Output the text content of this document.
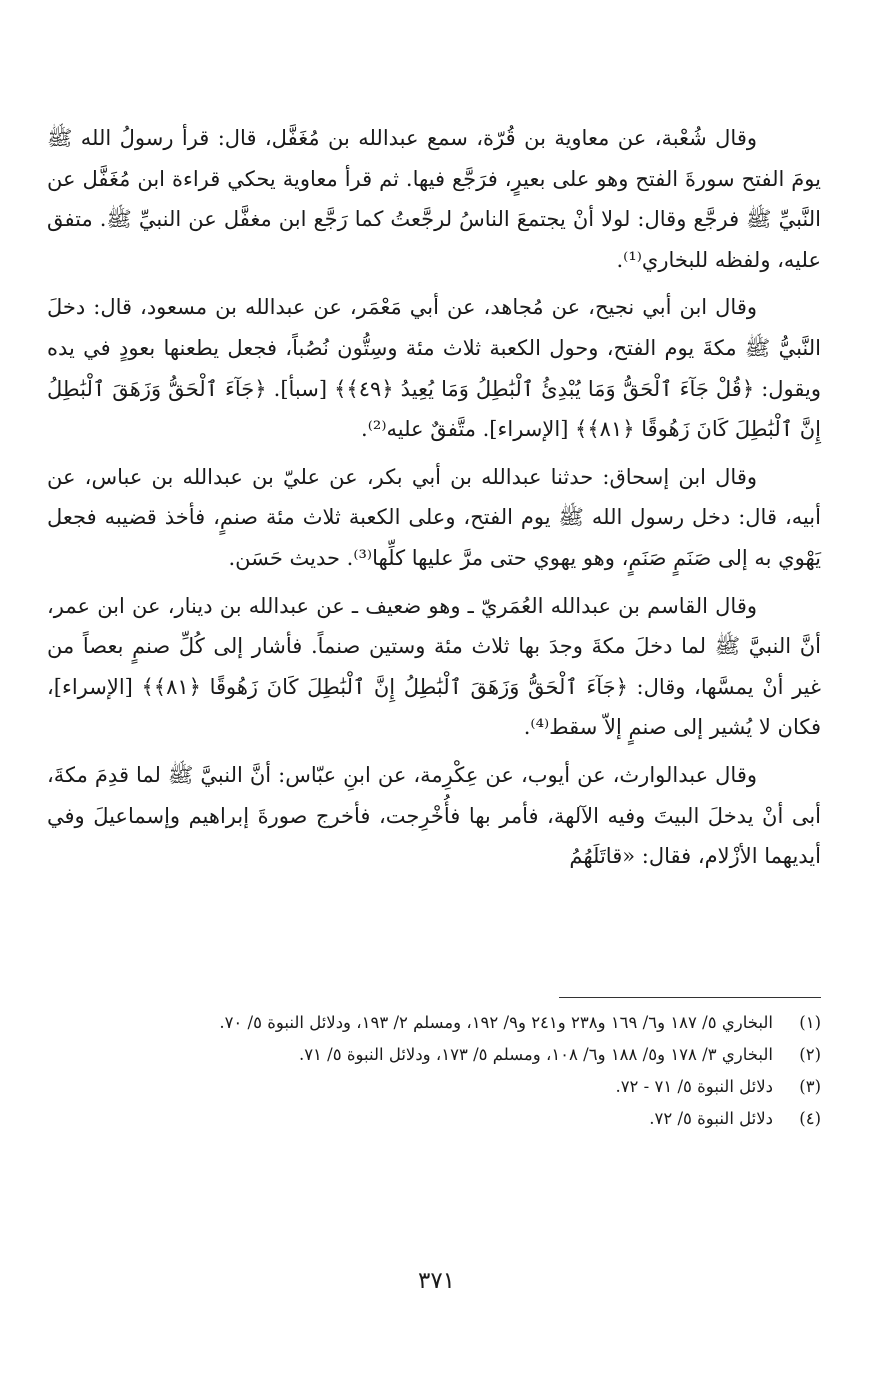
وقال شُعْبة، عن معاوية بن قُرّة، سمع عبدالله بن مُغَفَّل، قال: قرأ رسولُ الله ﷺ يومَ الفتح سورةَ الفتح وهو على بعيرٍ، فرَجَّع فيها. ثم قرأ معاوية يحكي قراءة ابن مُغَفَّل عن النَّبيِّ ﷺ فرجَّع وقال: لولا أنْ يجتمعَ الناسُ لرجَّعتُ كما رَجَّع ابن مغفَّل عن النبيِّ ﷺ. متفق عليه، ولفظه للبخاري⁽¹⁾.

وقال ابن أبي نجيح، عن مُجاهد، عن أبي مَعْمَر، عن عبدالله بن مسعود، قال: دخلَ النَّبيُّ ﷺ مكةَ يوم الفتح، وحول الكعبة ثلاث مئة وسِتُّون نُصُباً، فجعل يطعنها بعودٍ في يده ويقول: ﴿قُلْ جَآءَ ٱلْحَقُّ وَمَا يُبْدِئُ ٱلْبَٰطِلُ وَمَا يُعِيدُ ﴿٤٩﴾﴾ [سبأ]. ﴿جَآءَ ٱلْحَقُّ وَزَهَقَ ٱلْبَٰطِلُ إِنَّ ٱلْبَٰطِلَ كَانَ زَهُوقًا ﴿٨١﴾﴾ [الإسراء]. متَّفقٌ عليه⁽²⁾.

وقال ابن إسحاق: حدثنا عبدالله بن أبي بكر، عن عليّ بن عبدالله بن عباس، عن أبيه، قال: دخل رسول الله ﷺ يوم الفتح، وعلى الكعبة ثلاث مئة صنمٍ، فأخذ قضيبه فجعل يَهْوي به إلى صَنَمٍ صَنَمٍ، وهو يهوي حتى مرَّ عليها كلِّها⁽³⁾. حديث حَسَن.

وقال القاسم بن عبدالله العُمَريّ ـ وهو ضعيف ـ عن عبدالله بن دينار، عن ابن عمر، أنَّ النبيَّ ﷺ لما دخلَ مكةَ وجدَ بها ثلاث مئة وستين صنماً. فأشار إلى كُلِّ صنمٍ بعصاً من غير أنْ يمسَّها، وقال: ﴿جَآءَ ٱلْحَقُّ وَزَهَقَ ٱلْبَٰطِلُ إِنَّ ٱلْبَٰطِلَ كَانَ زَهُوقًا ﴿٨١﴾﴾ [الإسراء]، فكان لا يُشير إلى صنمٍ إلاّ سقط⁽⁴⁾.

وقال عبدالوارث، عن أيوب، عن عِكْرِمة، عن ابنِ عبّاس: أنَّ النبيَّ ﷺ لما قدِمَ مكةَ، أبى أنْ يدخلَ البيتَ وفيه الآلهة، فأمر بها فأُخْرِجت، فأخرج صورةَ إبراهيم وإسماعيلَ وفي أيديهما الأزْلام، فقال: «قاتَلَهُمُ

(١)
البخاري ٥/ ١٨٧ و٦/ ١٦٩ و٢٣٨ و٢٤١ و٩/ ١٩٢، ومسلم ٢/ ١٩٣، ودلائل النبوة ٥/ ٧٠.
(٢)
البخاري ٣/ ١٧٨ و٥/ ١٨٨ و٦/ ١٠٨، ومسلم ٥/ ١٧٣، ودلائل النبوة ٥/ ٧١.
(٣)
دلائل النبوة ٥/ ٧١ - ٧٢.
(٤)
دلائل النبوة ٥/ ٧٢.
٣٧١
